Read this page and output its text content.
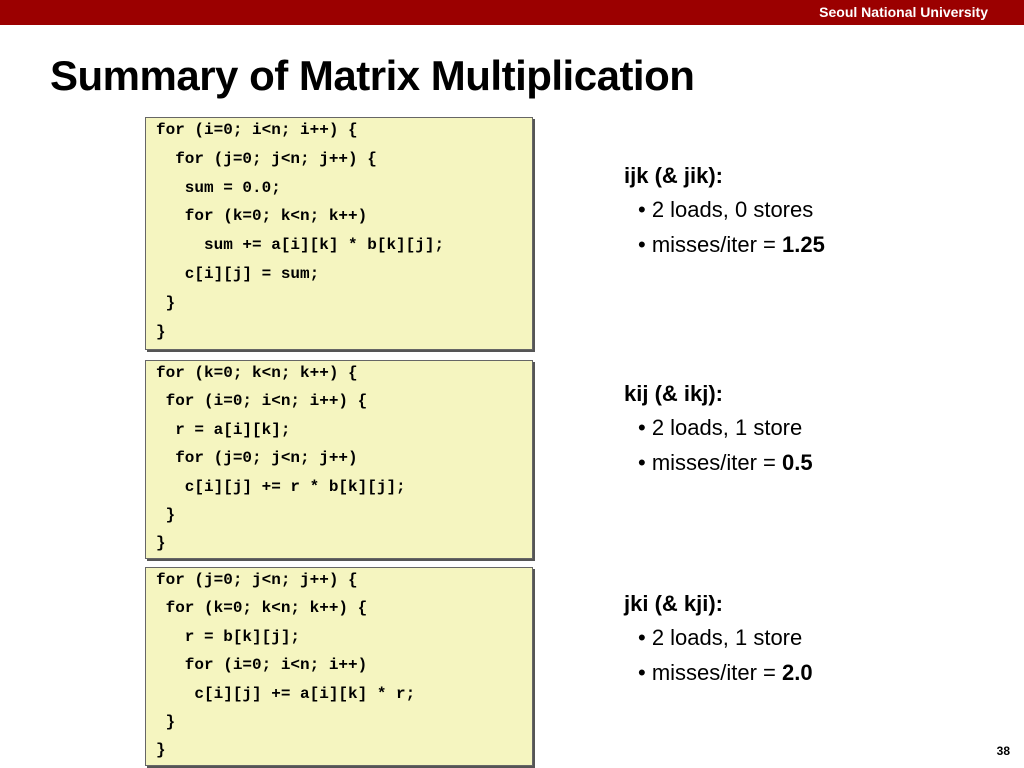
Seoul National University
Summary of Matrix Multiplication
for (i=0; i<n; i++) {
for (j=0; j<n; j++) {
sum = 0.0;
for (k=0; k<n; k++)
sum += a[i][k] * b[k][j];
c[i][j] = sum;
}
}
for (k=0; k<n; k++) {
for (i=0; i<n; i++) {
r = a[i][k];
for (j=0; j<n; j++)
c[i][j] += r * b[k][j];
}
}
for (j=0; j<n; j++) {
for (k=0; k<n; k++) {
r = b[k][j];
for (i=0; i<n; i++)
c[i][j] += a[i][k] * r;
}
}
ijk (& jik):
• 2 loads, 0 stores
• misses/iter = 1.25
kij (& ikj):
• 2 loads, 1 store
• misses/iter = 0.5
jki (& kji):
• 2 loads, 1 store
• misses/iter = 2.0
38
